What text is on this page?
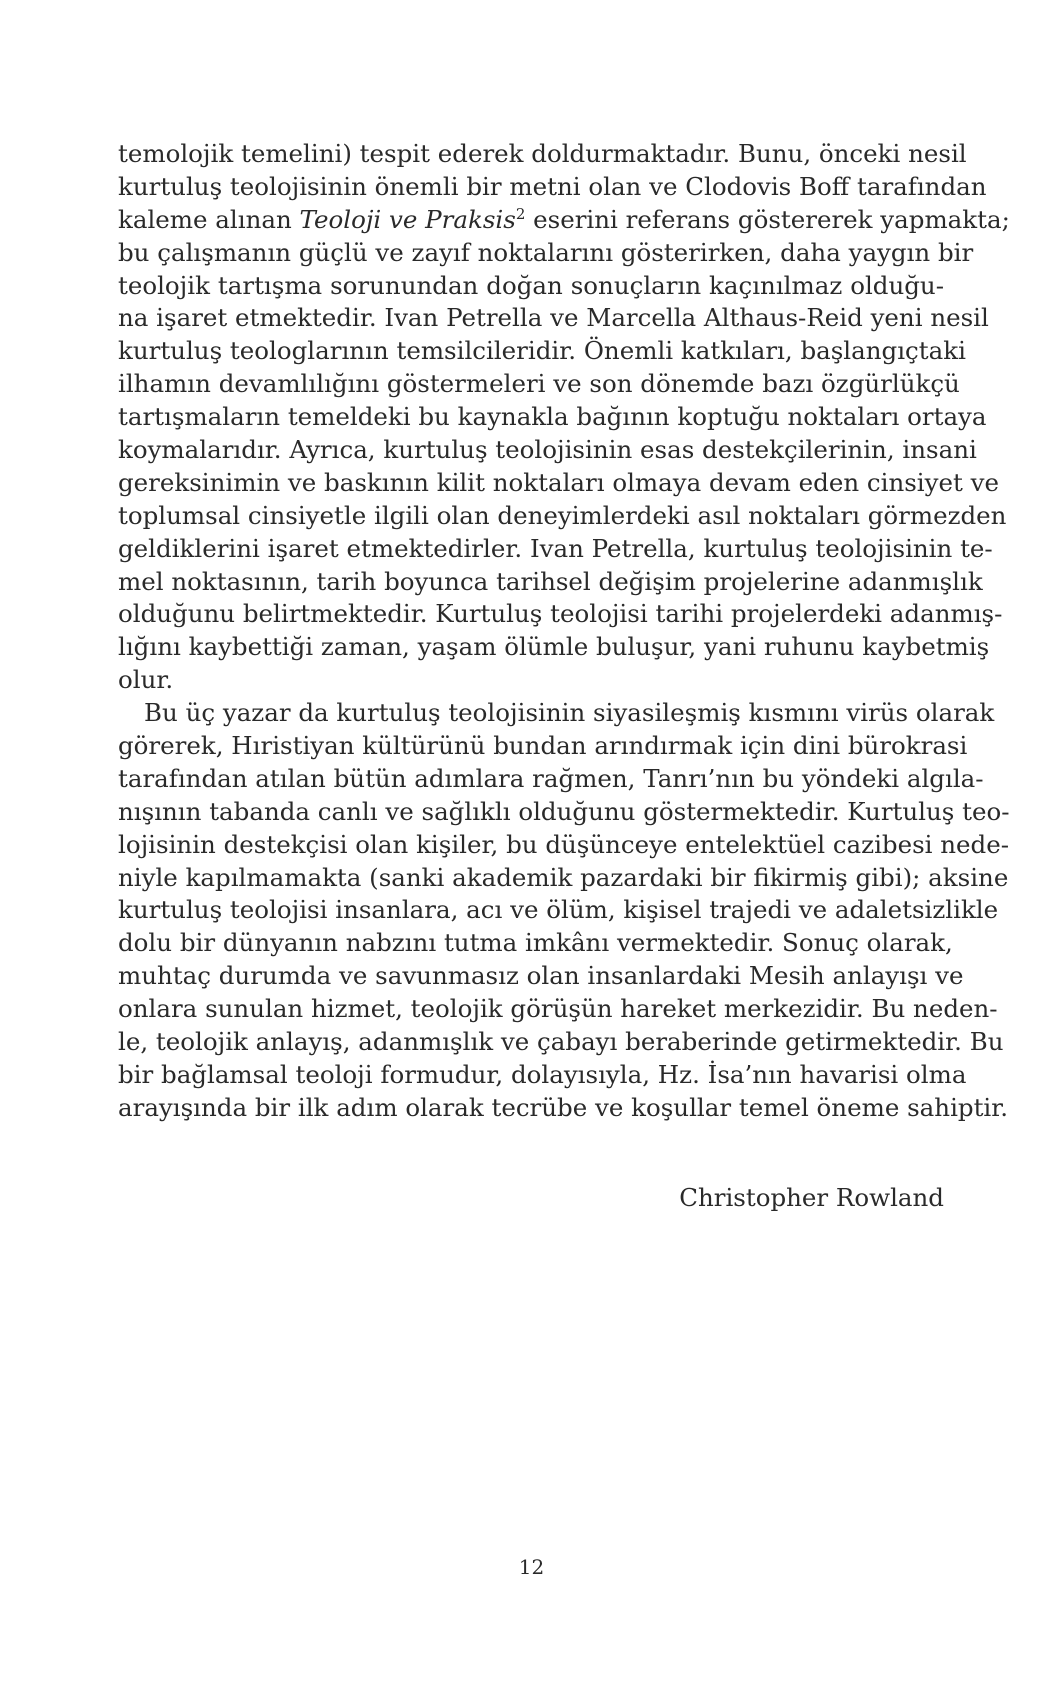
temolojik temelini) tespit ederek doldurmaktadır. Bunu, önceki nesil
kurtuluş teolojisinin önemli bir metni olan ve Clodovis Boff tarafından
kaleme alınan Teoloji ve Praksis$^2$ eserini referans göstererek yapmakta;
bu çalışmanın güçlü ve zayıf noktalarını gösterirken, daha yaygın bir
teolojik tartışma sorunundan doğan sonuçların kaçınılmaz olduğu-
na işaret etmektedir. Ivan Petrella ve Marcella Althaus-Reid yeni nesil
kurtuluş teologlarının temsilcileridir. Önemli katkıları, başlangıçtaki
ilhamın devamlılığını göstermeleri ve son dönemde bazı özgürlükçü
tartışmaların temeldeki bu kaynakla bağının koptuğu noktaları ortaya
koymalarıdır. Ayrıca, kurtuluş teolojisinin esas destekçilerinin, insani
gereksinimin ve baskının kilit noktaları olmaya devam eden cinsiyet ve
toplumsal cinsiyetle ilgili olan deneyimlerdeki asıl noktaları görmezden
geldiklerini işaret etmektedirler. Ivan Petrella, kurtuluş teolojisinin te-
mel noktasının, tarih boyunca tarihsel değişim projelerine adanmışlık
olduğunu belirtmektedir. Kurtuluş teolojisi tarihi projelerdeki adanmış-
lığını kaybettiği zaman, yaşam ölümle buluşur, yani ruhunu kaybetmiş
olur.
Bu üç yazar da kurtuluş teolojisinin siyasileşmiş kısmını virüs olarak
görerek, Hıristiyan kültürünü bundan arındırmak için dini bürokrasi
tarafından atılan bütün adımlara rağmen, Tanrı’nın bu yöndeki algıla-
nışının tabanda canlı ve sağlıklı olduğunu göstermektedir. Kurtuluş teo-
lojisinin destekçisi olan kişiler, bu düşünceye entelektüel cazibesi nede-
niyle kapılmamakta (sanki akademik pazardaki bir fikirmiş gibi); aksine
kurtuluş teolojisi insanlara, acı ve ölüm, kişisel trajedi ve adaletsizlikle
dolu bir dünyanın nabzını tutma imkânı vermektedir. Sonuç olarak,
muhtaç durumda ve savunmasız olan insanlardaki Mesih anlayışı ve
onlara sunulan hizmet, teolojik görüşün hareket merkezidir. Bu neden-
le, teolojik anlayış, adanmışlık ve çabayı beraberinde getirmektedir. Bu
bir bağlamsal teoloji formudur, dolayısıyla, Hz. İsa’nın havarisi olma
arayışında bir ilk adım olarak tecrübe ve koşullar temel öneme sahiptir.
Christopher Rowland
12
